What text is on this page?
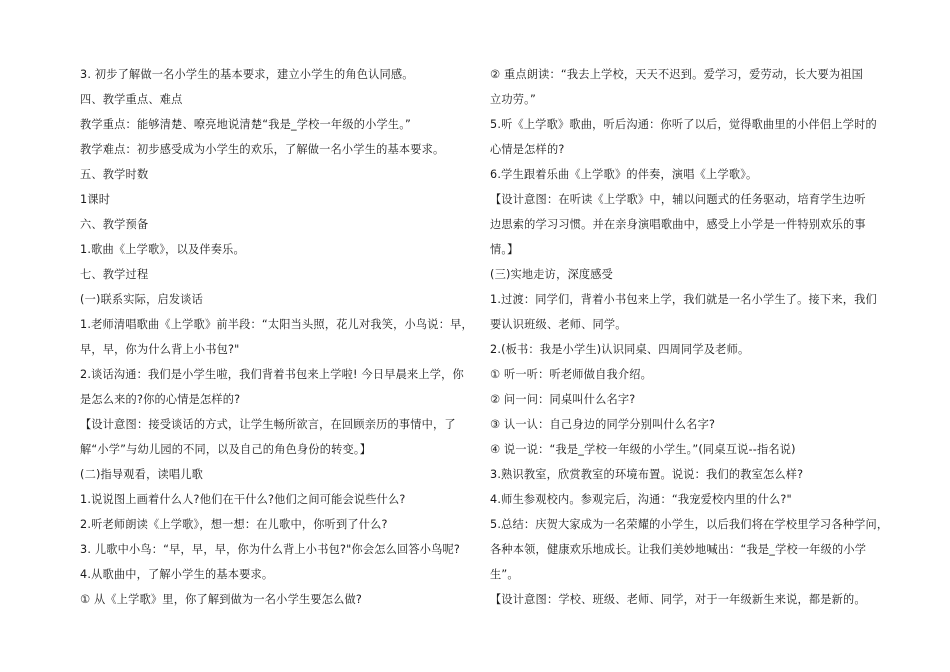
3. 初步了解做一名小学生的基本要求，建立小学生的角色认同感。
四、教学重点、难点
教学重点：能够清楚、嘹亮地说清楚“我是_学校一年级的小学生。”
教学难点：初步感受成为小学生的欢乐，了解做一名小学生的基本要求。
五、教学时数
1课时
六、教学预备
1.歌曲《上学歌》，以及伴奏乐。
七、教学过程
(一)联系实际，启发谈话
1.老师清唱歌曲《上学歌》前半段：“太阳当头照，花儿对我笑，小鸟说：早，
早，早，你为什么背上小书包?"
2.谈话沟通：我们是小学生啦，我们背着书包来上学啦! 今日早晨来上学，你
是怎么来的?你的心情是怎样的?
【设计意图：接受谈话的方式，让学生畅所欲言，在回顾亲历的事情中，了
解“小学”与幼儿园的不同，以及自己的角色身份的转变。】
(二)指导观看，读唱儿歌
1.说说图上画着什么人?他们在干什么?他们之间可能会说些什么?
2.听老师朗读《上学歌》，想一想：在儿歌中，你听到了什么?
3. 儿歌中小鸟：“早，早，早，你为什么背上小书包?"你会怎么回答小鸟呢?
4.从歌曲中，了解小学生的基本要求。
① 从《上学歌》里，你了解到做为一名小学生要怎么做?
② 重点朗读：“我去上学校，天天不迟到。爱学习，爱劳动，长大要为祖国
立功劳。”
5.听《上学歌》歌曲，听后沟通：你听了以后，觉得歌曲里的小伴侣上学时的
心情是怎样的?
6.学生跟着乐曲《上学歌》的伴奏，演唱《上学歌》。
【设计意图：在听读《上学歌》中，辅以问题式的任务驱动，培育学生边听
边思索的学习习惯。并在亲身演唱歌曲中，感受上小学是一件特别欢乐的事
情。】
(三)实地走访，深度感受
1.过渡：同学们，背着小书包来上学，我们就是一名小学生了。接下来，我们
要认识班级、老师、同学。
2.(板书：我是小学生)认识同桌、四周同学及老师。
① 听一听：听老师做自我介绍。
② 问一问：同桌叫什么名字?
③ 认一认：自己身边的同学分别叫什么名字?
④ 说一说：“我是_学校一年级的小学生。”(同桌互说--指名说)
3.熟识教室，欣赏教室的环境布置。说说：我们的教室怎么样?
4.师生参观校内。参观完后，沟通：“我宠爱校内里的什么?"
5.总结：庆贺大家成为一名荣耀的小学生，以后我们将在学校里学习各种学问，
各种本领，健康欢乐地成长。让我们美妙地喊出：“我是_学校一年级的小学
生”。
【设计意图：学校、班级、老师、同学，对于一年级新生来说，都是新的。
